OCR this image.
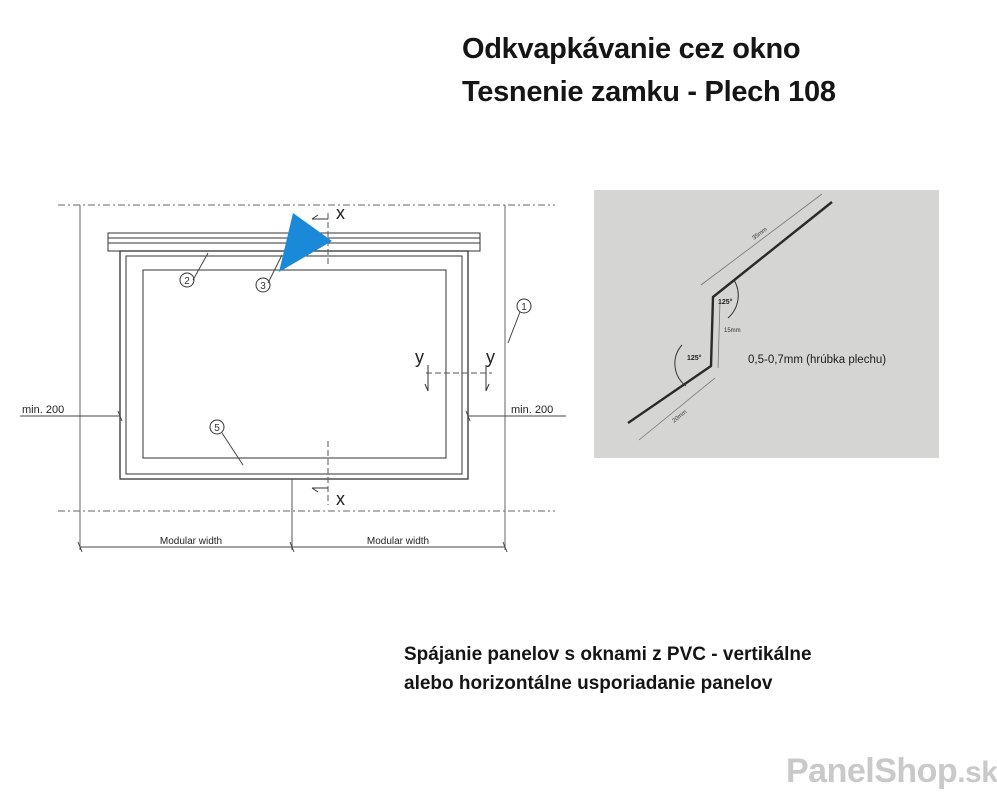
Odkvapkávanie cez okno
Tesnenie zamku - Plech 108
2	3
1
5
x
x
y	y
min. 200	min. 200
Modular width	Modular width
35mm
15mm
20mm
125°
125°	0,5-0,7mm (hrúbka plechu)
Spájanie panelov s oknami z PVC - vertikálne
alebo horizontálne usporiadanie panelov
PanelShop.sk
